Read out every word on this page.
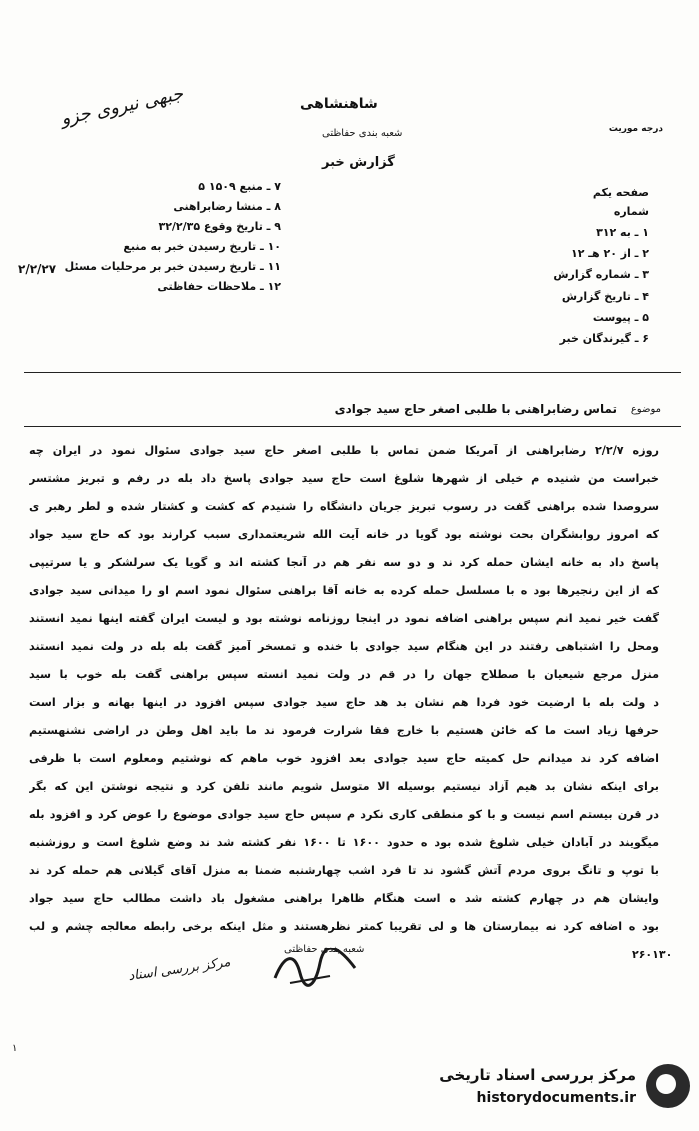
جبهی نیروی جزو	شاهنشاهی
شعبه بندی حفاظتی	درجه موریت
گزارش خبر
صفحه یکم
شماره
۱ ـ به ۳۱۲
۲ ـ از ۲۰ هـ ۱۲
۳ ـ شماره گزارش
۴ ـ تاریخ گزارش
۵ ـ پیوست
۶ ـ گیرندگان خبر
۷ ـ منبع ۱۵۰۹ ۵
۸ ـ منشا رضابراهنی
۹ ـ تاریخ وقوع ۳۲/۲/۳۵
۱۰ ـ تاریخ رسیدن خبر به منبع
۱۱ ـ تاریخ رسیدن خبر بر مرحلیات مسئل
۱۲ ـ ملاحظات حفاظتی
۲/۲/۲۷
موضوع
تماس رضابراهنی با طلبی اصغر حاج سید جوادی
روزه ۲/۲/۷ رضابراهنی از آمریکا ضمن تماس با طلبی اصغر حاج سید جوادی سئوال نمود در ایران چه
خبراست من شنیده م خیلی از شهرها شلوغ است حاج سید جوادی پاسخ داد بله در رفم و تبریز مشتسر
سروصدا شده براهنی گفت در رسوب تبریز جریان دانشگاه را شنیدم که کشت و کشتار شده و لطر رهبر ی
که امروز روابشگران بحت نوشته بود گویا در خانه آیت الله شریعتمداری سبب کرارند بود که حاج سید جواد
پاسخ داد به خانه ایشان حمله کرد ند و دو سه نفر هم در آنجا کشته اند و گویا یک سرلشکر و یا سرتیپی
که از این رنجیرها بود ه با مسلسل حمله کرده به خانه آقا براهنی سئوال نمود اسم او را میدانی سید جوادی
گفت خیر نمید انم سپس براهنی اضافه نمود در اینجا روزنامه نوشته بود و لیست ایران گفته اینها نمید انستند
ومحل را اشتباهی رفتند در این هنگام سید جوادی با خنده و تمسخر آمیز گفت بله بله در ولت نمید انستند
منزل مرجع شیعیان با صطلاح جهان را در قم در ولت نمید انسته سپس براهنی گفت بله خوب با سید
د ولت بله با ارضیت خود فردا هم نشان بد هد حاج سید جوادی سپس افزود در اینها بهانه و بزار است
حرفها زیاد است ما که خائن هستیم با خارج فقا شرارت فرمود ند ما باید اهل وطن در اراضی نشنهستیم
اضافه کرد ند میدانم حل کمیته حاج سید جوادی بعد افزود خوب ماهم که نوشتیم ومعلوم است با ظرفی
برای اینکه نشان بد هیم آزاد نیستیم بوسیله الا متوسل شویم مانند تلفن کرد و نتیجه نوشتن این که بگر
در قرن بیستم اسم نیست و با کو منطقی کاری نکرد م سپس حاج سید جوادی موضوع را عوض کرد و افزود بله
میگویند در آبادان خیلی شلوغ شده بود ه حدود ۱۶۰۰ تا ۱۶۰۰ نفر کشته شد ند وضع شلوغ است و روزشنبه
با توپ و تانگ بروی مردم آتش گشود ند تا فرد اشب چهارشنبه ضمنا به منزل آقای گیلانی هم حمله کرد ند
وایشان هم در چهارم کشته شد ه است هنگام ظاهرا براهنی مشغول باد داشت مطالب حاج سید جواد
بود ه اضافه کرد نه بیمارستان ها و لی تقریبا کمتر نظرهستند و مثل اینکه برخی رابطه معالجه چشم و لب
شعبه بندی حفاظتی	۲۶۰۱۳۰
مرکز بررسی اسناد
۱
مرکز بررسی اسناد تاریخی
historydocuments.ir
